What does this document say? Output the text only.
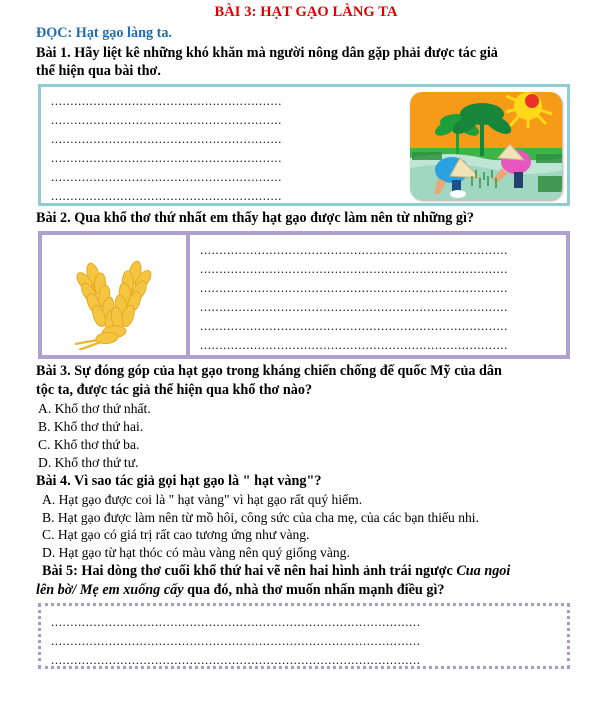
BÀI 3: HẠT GẠO LÀNG TA
ĐỌC: Hạt gạo làng ta.
Bài 1. Hãy liệt kê những khó khăn mà người nông dân gặp phải được tác giả
thể hiện qua bài thơ.
............................................................
............................................................
............................................................
............................................................
............................................................
............................................................
Bài 2. Qua khổ thơ thứ nhất em thấy hạt gạo được làm nên từ những gì?
................................................................................
................................................................................
................................................................................
................................................................................
................................................................................
................................................................................
Bài 3. Sự đóng góp của hạt gạo trong kháng chiến chống đế quốc Mỹ của dân
tộc ta, được tác giả thể hiện qua khổ thơ nào?
A. Khổ thơ thứ nhất.
B. Khổ thơ thứ hai.
C. Khổ thơ thứ ba.
D. Khổ thơ thứ tư.
Bài 4. Vì sao tác giả gọi hạt gạo là " hạt vàng"?
A. Hạt gạo được coi là " hạt vàng" vì hạt gạo rất quý hiếm.
B. Hạt gạo được làm nên từ mồ hôi, công sức của cha mẹ, của các bạn thiếu nhi.
C. Hạt gạo có giá trị rất cao tương ứng như vàng.
D. Hạt gạo từ hạt thóc có màu vàng nên quý giống vàng.
Bài 5: Hai dòng thơ cuối khổ thứ hai vẽ nên hai hình ảnh trái ngược Cua ngoi
lên bờ/ Mẹ em xuống cấy qua đó, nhà thơ muốn nhấn mạnh điều gì?
................................................................................................
................................................................................................
................................................................................................
